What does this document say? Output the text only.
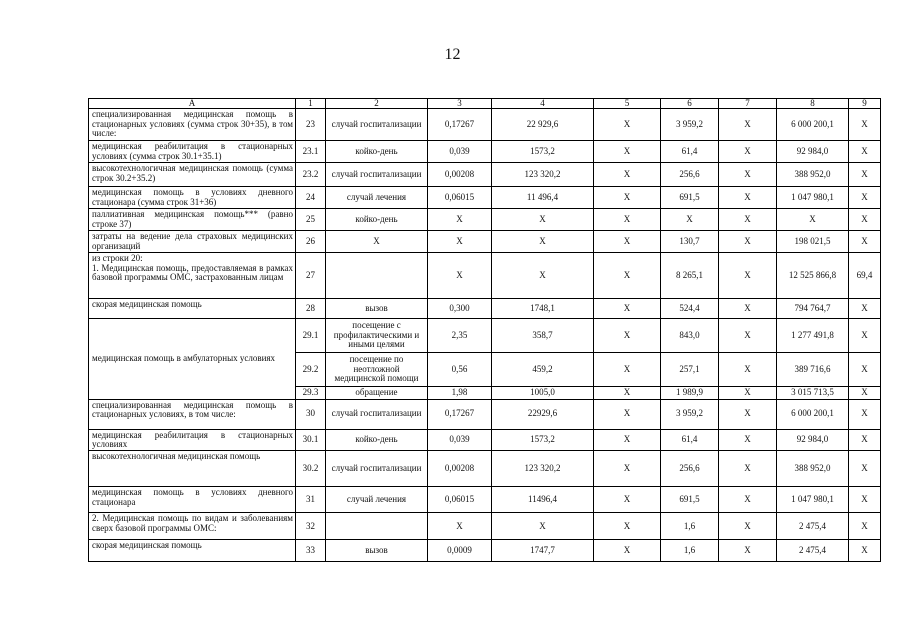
12
А	1	2	3	4	5	6	7	8	9
специализированная медицинская помощь в стационарных условиях (сумма строк 30+35), в том числе:	23	случай госпитализации	0,17267	22 929,6	Х	3 959,2	Х	6 000 200,1	Х
медицинская реабилитация в стационарных условиях (сумма строк 30.1+35.1)	23.1	койко-день	0,039	1573,2	Х	61,4	Х	92 984,0	Х
высокотехнологичная медицинская помощь (сумма строк 30.2+35.2)	23.2	случай госпитализации	0,00208	123 320,2	Х	256,6	Х	388 952,0	Х
медицинская помощь в условиях дневного стационара (сумма строк 31+36)	24	случай лечения	0,06015	11 496,4	Х	691,5	Х	1 047 980,1	Х
паллиативная медицинская помощь*** (равно строке 37)	25	койко-день	Х	Х	Х	Х	Х	Х	Х
затраты на ведение дела страховых медицинских организаций	26	Х	Х	Х	Х	130,7	Х	198 021,5	Х
из строки 20:
1. Медицинская помощь, предоставляемая в рамках базовой программы ОМС, застрахованным лицам	27		Х	Х	Х	8 265,1	Х	12 525 866,8	69,4
скорая медицинская помощь	28	вызов	0,300	1748,1	Х	524,4	Х	794 764,7	Х
медицинская помощь в амбулаторных условиях	29.1	посещение с профилактическими и иными целями	2,35	358,7	Х	843,0	Х	1 277 491,8	Х
	29.2	посещение по неотложной медицинской помощи	0,56	459,2	Х	257,1	Х	389 716,6	Х
	29.3	обращение	1,98	1005,0	Х	1 989,9	Х	3 015 713,5	Х
специализированная медицинская помощь в стационарных условиях, в том числе:	30	случай госпитализации	0,17267	22929,6	Х	3 959,2	Х	6 000 200,1	Х
медицинская реабилитация в стационарных условиях	30.1	койко-день	0,039	1573,2	Х	61,4	Х	92 984,0	Х
высокотехнологичная медицинская помощь	30.2	случай госпитализации	0,00208	123 320,2	Х	256,6	Х	388 952,0	Х
медицинская помощь в условиях дневного стационара	31	случай лечения	0,06015	11496,4	Х	691,5	Х	1 047 980,1	Х
2. Медицинская помощь по видам и заболеваниям сверх базовой программы ОМС:	32		Х	Х	Х	1,6	Х	2 475,4	Х
скорая медицинская помощь	33	вызов	0,0009	1747,7	Х	1,6	Х	2 475,4	Х
